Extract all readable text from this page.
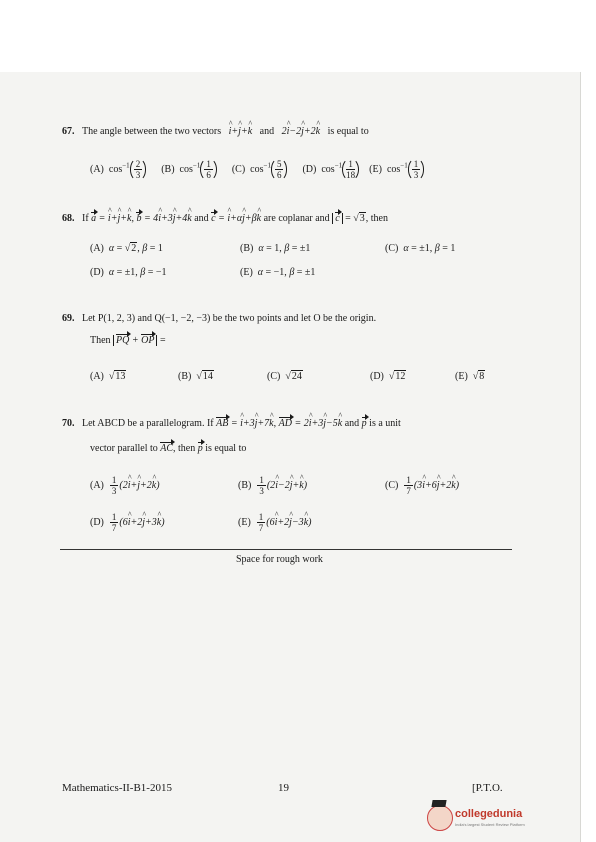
67. The angle between the two vectors i ^+j ^+k ^ and 2i ^−2j ^+2k ^ is equal to
(A) $\cos^{-1} \frac{2}{3} (B)$ $\cos^{-1} \frac{1}{6} (C)$ $\cos^{-1} \frac{5}{6} (D)$ $\cos^{-1} \frac{1}{18} (E)$ $\cos^{-1} \frac{1}{3}$
68. If a = i ^+j ^+k ^, b = 4i ^+3j ^+4k ^ and c = i ^+αj ^+βk ^ are coplanar and c = √3, then
(A) α = √2, β = 1	(B) α = 1, β = ±1	(C) α = ±1, β = 1
(D) α = ±1, β = −1	(E) α = −1, β = ±1
69. Let P(1, 2, 3) and Q(−1, −2, −3) be the two points and let O be the origin.
Then PQ + OP =
(A) √13	(B) √14	(C) √24	(D) √12	(E) √8
70. Let ABCD be a parallelogram. If AB = i ^+3j ^+7k ^, AD = 2i ^+3j ^−5k ^ and p is a unit
vector parallel to AC, then p is equal to
$(A) \frac{1}{3} (2i$ ^+j ^+2k ^)	$(B) \frac{1}{3} (2i$ ^−2j ^+k ^)	$(C) \frac{1}{7} (3i$ ^+6j ^+2k ^)
$(D) \frac{1}{7} (6i$ ^+2j ^+3k ^)	$(E) \frac{1}{7} (6i$ ^+2j ^−3k ^)
Space for rough work
Mathematics-II-B1-2015	19	[P.T.O.
collegedunia
India's largest Student Review Platform
